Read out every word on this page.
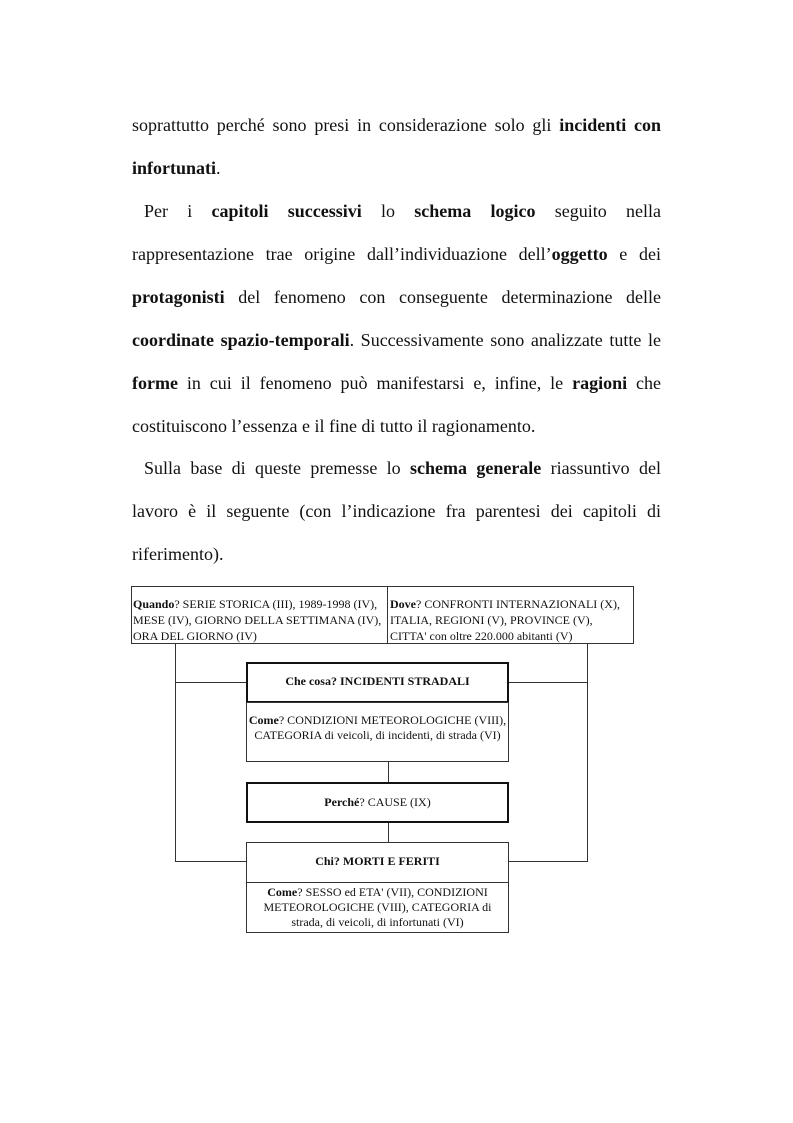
soprattutto perché sono presi in considerazione solo gli incidenti con infortunati.

Per i capitoli successivi lo schema logico seguito nella rappresentazione trae origine dall’individuazione dell’oggetto e dei protagonisti del fenomeno con conseguente determinazione delle coordinate spazio-temporali. Successivamente sono analizzate tutte le forme in cui il fenomeno può manifestarsi e, infine, le ragioni che costituiscono l’essenza e il fine di tutto il ragionamento.

Sulla base di queste premesse lo schema generale riassuntivo del lavoro è il seguente (con l’indicazione fra parentesi dei capitoli di riferimento).

Quando? SERIE STORICA (III), 1989-1998 (IV), MESE (IV), GIORNO DELLA SETTIMANA (IV), ORA DEL GIORNO (IV)
Dove? CONFRONTI INTERNAZIONALI (X), ITALIA, REGIONI (V), PROVINCE (V), CITTA' con oltre 220.000 abitanti (V)
Che cosa? INCIDENTI STRADALI
Come? CONDIZIONI METEOROLOGICHE (VIII), CATEGORIA di veicoli, di incidenti, di strada (VI)
Perché? CAUSE (IX)
Chi? MORTI E FERITI
Come? SESSO ed ETA' (VII), CONDIZIONI METEOROLOGICHE (VIII), CATEGORIA di strada, di veicoli, di infortunati (VI)
